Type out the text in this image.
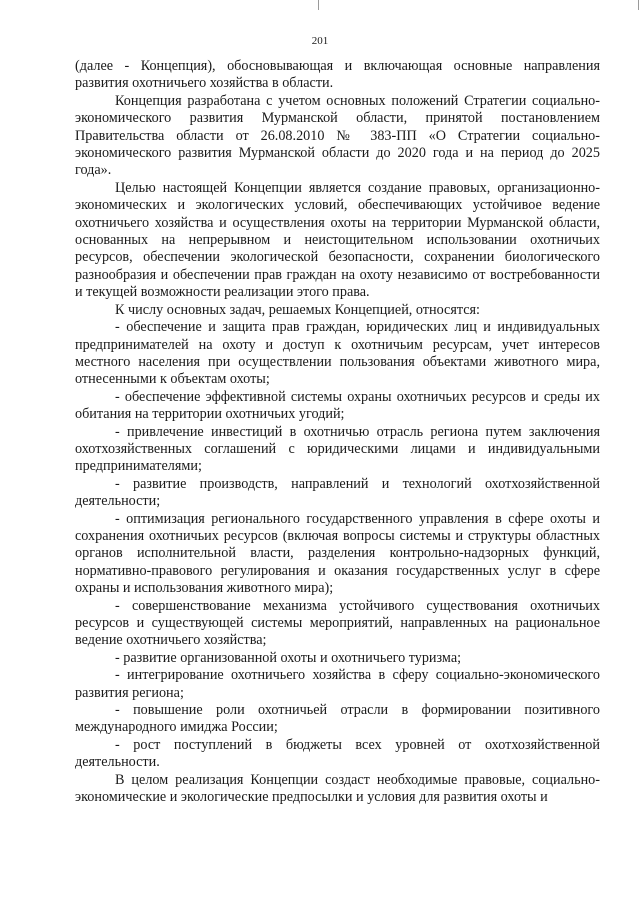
201

(далее - Концепция), обосновывающая и включающая основные направления развития охотничьего хозяйства в области.

Концепция разработана с учетом основных положений Стратегии социально-экономического развития Мурманской области, принятой постановлением Правительства области от 26.08.2010 № 383-ПП «О Стратегии социально-экономического развития Мурманской области до 2020 года и на период до 2025 года».

Целью настоящей Концепции является создание правовых, организационно-экономических и экологических условий, обеспечивающих устойчивое ведение охотничьего хозяйства и осуществления охоты на территории Мурманской области, основанных на непрерывном и неистощительном использовании охотничьих ресурсов, обеспечении экологической безопасности, сохранении биологического разнообразия и обеспечении прав граждан на охоту независимо от востребованности и текущей возможности реализации этого права.

К числу основных задач, решаемых Концепцией, относятся:

- обеспечение и защита прав граждан, юридических лиц и индивидуальных предпринимателей на охоту и доступ к охотничьим ресурсам, учет интересов местного населения при осуществлении пользования объектами животного мира, отнесенными к объектам охоты;

- обеспечение эффективной системы охраны охотничьих ресурсов и среды их обитания на территории охотничьих угодий;

- привлечение инвестиций в охотничью отрасль региона путем заключения охотхозяйственных соглашений с юридическими лицами и индивидуальными предпринимателями;

- развитие производств, направлений и технологий охотхозяйственной деятельности;

- оптимизация регионального государственного управления в сфере охоты и сохранения охотничьих ресурсов (включая вопросы системы и структуры областных органов исполнительной власти, разделения контрольно-надзорных функций, нормативно-правового регулирования и оказания государственных услуг в сфере охраны и использования животного мира);

- совершенствование механизма устойчивого существования охотничьих ресурсов и существующей системы мероприятий, направленных на рациональное ведение охотничьего хозяйства;

- развитие организованной охоты и охотничьего туризма;

- интегрирование охотничьего хозяйства в сферу социально-экономического развития региона;

- повышение роли охотничьей отрасли в формировании позитивного международного имиджа России;

- рост поступлений в бюджеты всех уровней от охотхозяйственной деятельности.

В целом реализация Концепции создаст необходимые правовые, социально-экономические и экологические предпосылки и условия для развития охоты и
